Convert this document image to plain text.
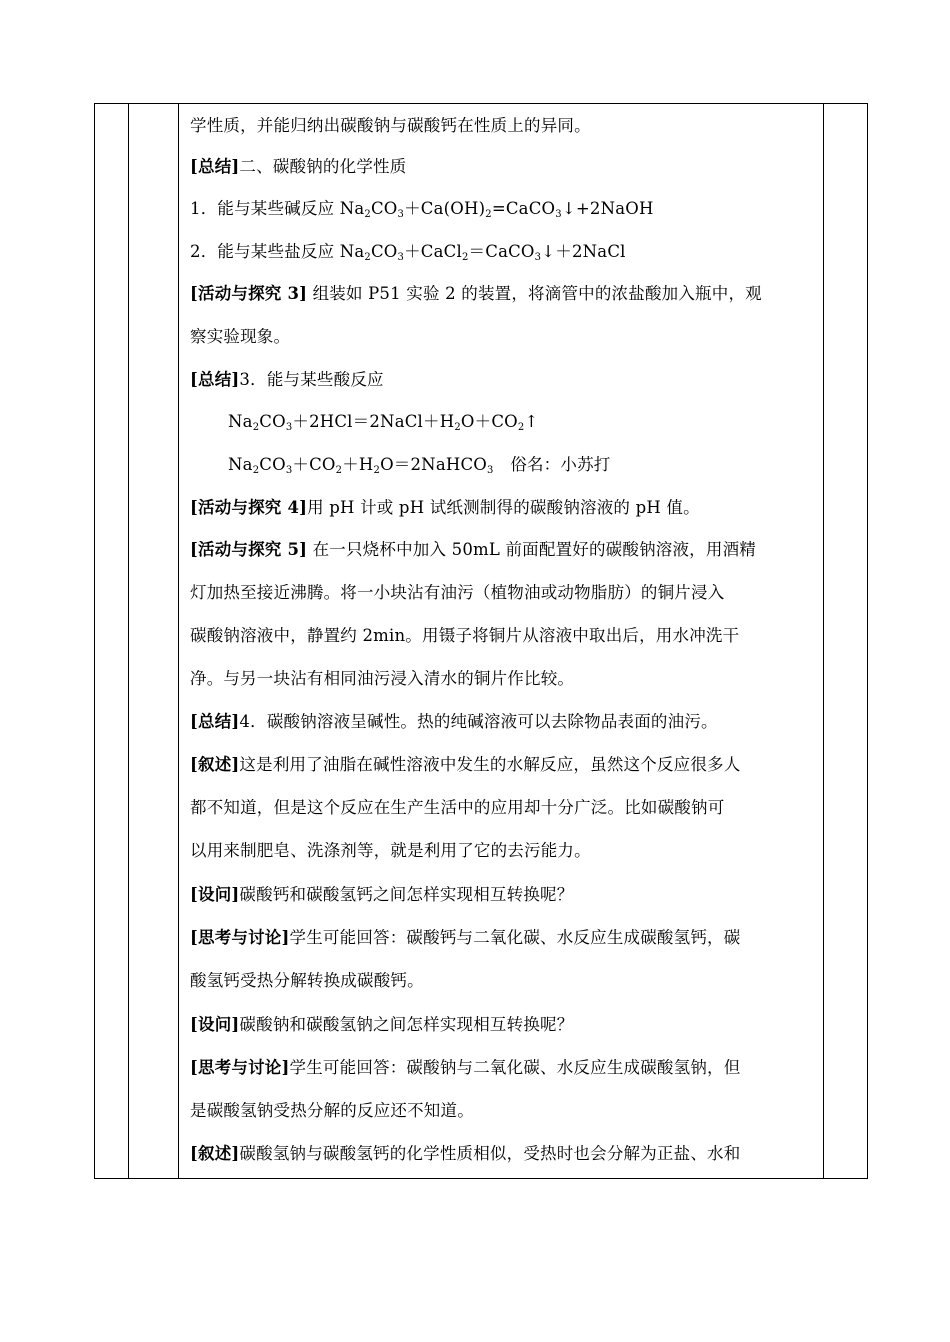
学性质，并能归纳出碳酸钠与碳酸钙在性质上的异同。
[总结]二、碳酸钠的化学性质
1．能与某些碱反应 $Na_2CO_3+Ca(OH)_2=CaCO_3↓+2NaOH$
2．能与某些盐反应 $Na_2CO_3+CaCl_2=CaCO_3↓+2NaCl$
[活动与探究 3] 组装如 P51 实验 2 的装置，将滴管中的浓盐酸加入瓶中，观
察实验现象。
[总结]3．能与某些酸反应
$Na_2CO_3+2HCl=2NaCl+H_2O+CO_2↑$
$Na_2CO_3+CO_2+H_2O=2NaHCO_3$　俗名：小苏打
[活动与探究 4]用 pH 计或 pH 试纸测制得的碳酸钠溶液的 pH 值。
[活动与探究 5] 在一只烧杯中加入 50mL 前面配置好的碳酸钠溶液，用酒精
灯加热至接近沸腾。将一小块沾有油污（植物油或动物脂肪）的铜片浸入
碳酸钠溶液中，静置约 2min。用镊子将铜片从溶液中取出后，用水冲洗干
净。与另一块沾有相同油污浸入清水的铜片作比较。
[总结]4．碳酸钠溶液呈碱性。热的纯碱溶液可以去除物品表面的油污。
[叙述]这是利用了油脂在碱性溶液中发生的水解反应，虽然这个反应很多人
都不知道，但是这个反应在生产生活中的应用却十分广泛。比如碳酸钠可
以用来制肥皂、洗涤剂等，就是利用了它的去污能力。
[设问]碳酸钙和碳酸氢钙之间怎样实现相互转换呢？
[思考与讨论]学生可能回答：碳酸钙与二氧化碳、水反应生成碳酸氢钙，碳
酸氢钙受热分解转换成碳酸钙。
[设问]碳酸钠和碳酸氢钠之间怎样实现相互转换呢？
[思考与讨论]学生可能回答：碳酸钠与二氧化碳、水反应生成碳酸氢钠，但
是碳酸氢钠受热分解的反应还不知道。
[叙述]碳酸氢钠与碳酸氢钙的化学性质相似，受热时也会分解为正盐、水和
